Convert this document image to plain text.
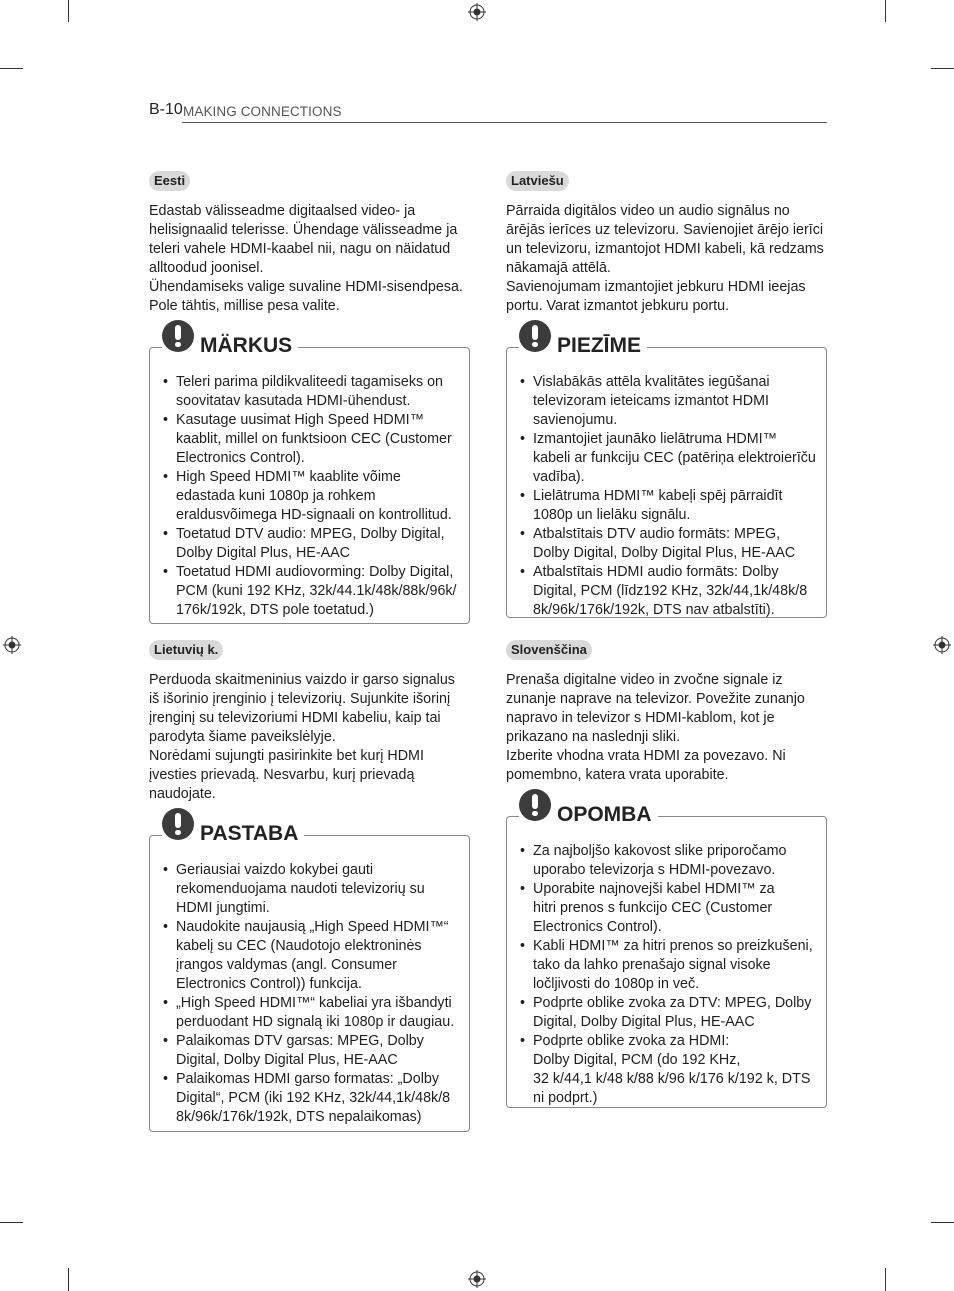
B-10 MAKING CONNECTIONS
Eesti

Edastab välisseadme digitaalsed video- ja
helisignaalid telerisse. Ühendage välisseadme ja
teleri vahele HDMI-kaabel nii, nagu on näidatud
alltoodud joonisel.
Ühendamiseks valige suvaline HDMI-sisendpesa.
Pole tähtis, millise pesa valite.

MÄRKUS
• Teleri parima pildikvaliteedi tagamiseks on
soovitatav kasutada HDMI-ühendust.
• Kasutage uusimat High Speed HDMI™
kaablit, millel on funktsioon CEC (Customer
Electronics Control).
• High Speed HDMI™ kaablite võime
edastada kuni 1080p ja rohkem
eraldusvõimega HD-signaali on kontrollitud.
• Toetatud DTV audio: MPEG, Dolby Digital,
Dolby Digital Plus, HE-AAC
• Toetatud HDMI audiovorming: Dolby Digital,
PCM (kuni 192 KHz, 32k/44.1k/48k/88k/96k/
176k/192k, DTS pole toetatud.)
Latviešu

Pārraida digitālos video un audio signālus no
ārējās ierīces uz televizoru. Savienojiet ārējo ierīci
un televizoru, izmantojot HDMI kabeli, kā redzams
nākamajā attēlā.
Savienojumam izmantojiet jebkuru HDMI ieejas
portu. Varat izmantot jebkuru portu.

PIEZĪME
• Vislabākās attēla kvalitātes iegūšanai
televizoram ieteicams izmantot HDMI
savienojumu.
• Izmantojiet jaunāko lielātruma HDMI™
kabeli ar funkciju CEC (patēriņa elektroierīču
vadība).
• Lielātruma HDMI™ kabeļi spēj pārraidīt
1080p un lielāku signālu.
• Atbalstītais DTV audio formāts: MPEG,
Dolby Digital, Dolby Digital Plus, HE-AAC
• Atbalstītais HDMI audio formāts: Dolby
Digital, PCM (līdz192 KHz, 32k/44,1k/48k/8
8k/96k/176k/192k, DTS nav atbalstīti).
Lietuvių k.

Perduoda skaitmeninius vaizdo ir garso signalus
iš išorinio įrenginio į televizorių. Sujunkite išorinį
įrenginį su televizoriumi HDMI kabeliu, kaip tai
parodyta šiame paveikslėlyje.
Norėdami sujungti pasirinkite bet kurį HDMI
įvesties prievadą. Nesvarbu, kurį prievadą
naudojate.

PASTABA
• Geriausiai vaizdo kokybei gauti
rekomenduojama naudoti televizorių su
HDMI jungtimi.
• Naudokite naujausią „High Speed HDMI™“
kabelį su CEC (Naudotojo elektroninės
įrangos valdymas (angl. Consumer
Electronics Control)) funkcija.
• „High Speed HDMI™“ kabeliai yra išbandyti
perduodant HD signalą iki 1080p ir daugiau.
• Palaikomas DTV garsas: MPEG, Dolby
Digital, Dolby Digital Plus, HE-AAC
• Palaikomas HDMI garso formatas: „Dolby
Digital“, PCM (iki 192 KHz, 32k/44,1k/48k/8
8k/96k/176k/192k, DTS nepalaikomas)
Slovenščina

Prenaša digitalne video in zvočne signale iz
zunanje naprave na televizor. Povežite zunanjo
napravo in televizor s HDMI-kablom, kot je
prikazano na naslednji sliki.
Izberite vhodna vrata HDMI za povezavo. Ni
pomembno, katera vrata uporabite.

OPOMBA
• Za najboljšo kakovost slike priporočamo
uporabo televizorja s HDMI-povezavo.
• Uporabite najnovejši kabel HDMI™ za
hitri prenos s funkcijo CEC (Customer
Electronics Control).
• Kabli HDMI™ za hitri prenos so preizkušeni,
tako da lahko prenašajo signal visoke
ločljivosti do 1080p in več.
• Podprte oblike zvoka za DTV: MPEG, Dolby
Digital, Dolby Digital Plus, HE-AAC
• Podprte oblike zvoka za HDMI:
Dolby Digital, PCM (do 192 KHz,
32 k/44,1 k/48 k/88 k/96 k/176 k/192 k, DTS
ni podprt.)
